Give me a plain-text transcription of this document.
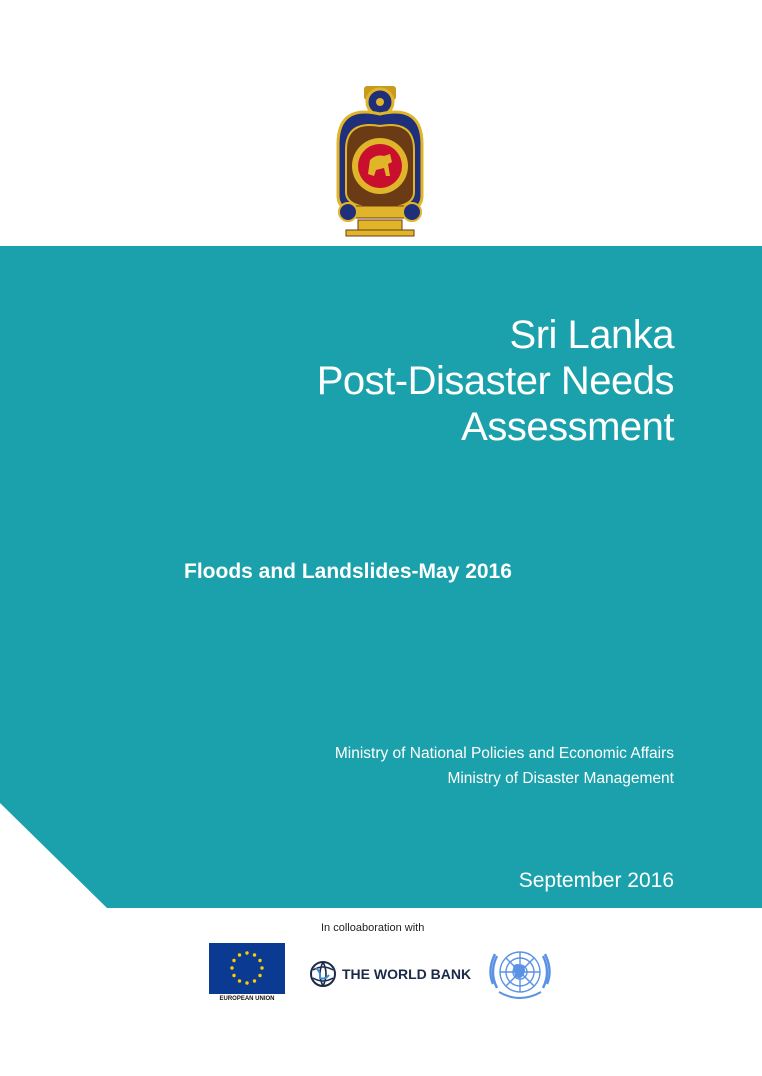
Sri Lanka
Post-Disaster Needs
Assessment
Floods and Landslides-May 2016
Ministry of National Policies and Economic Affairs
Ministry of Disaster Management
September 2016
In colloaboration with
EUROPEAN UNION
THE WORLD BANK
